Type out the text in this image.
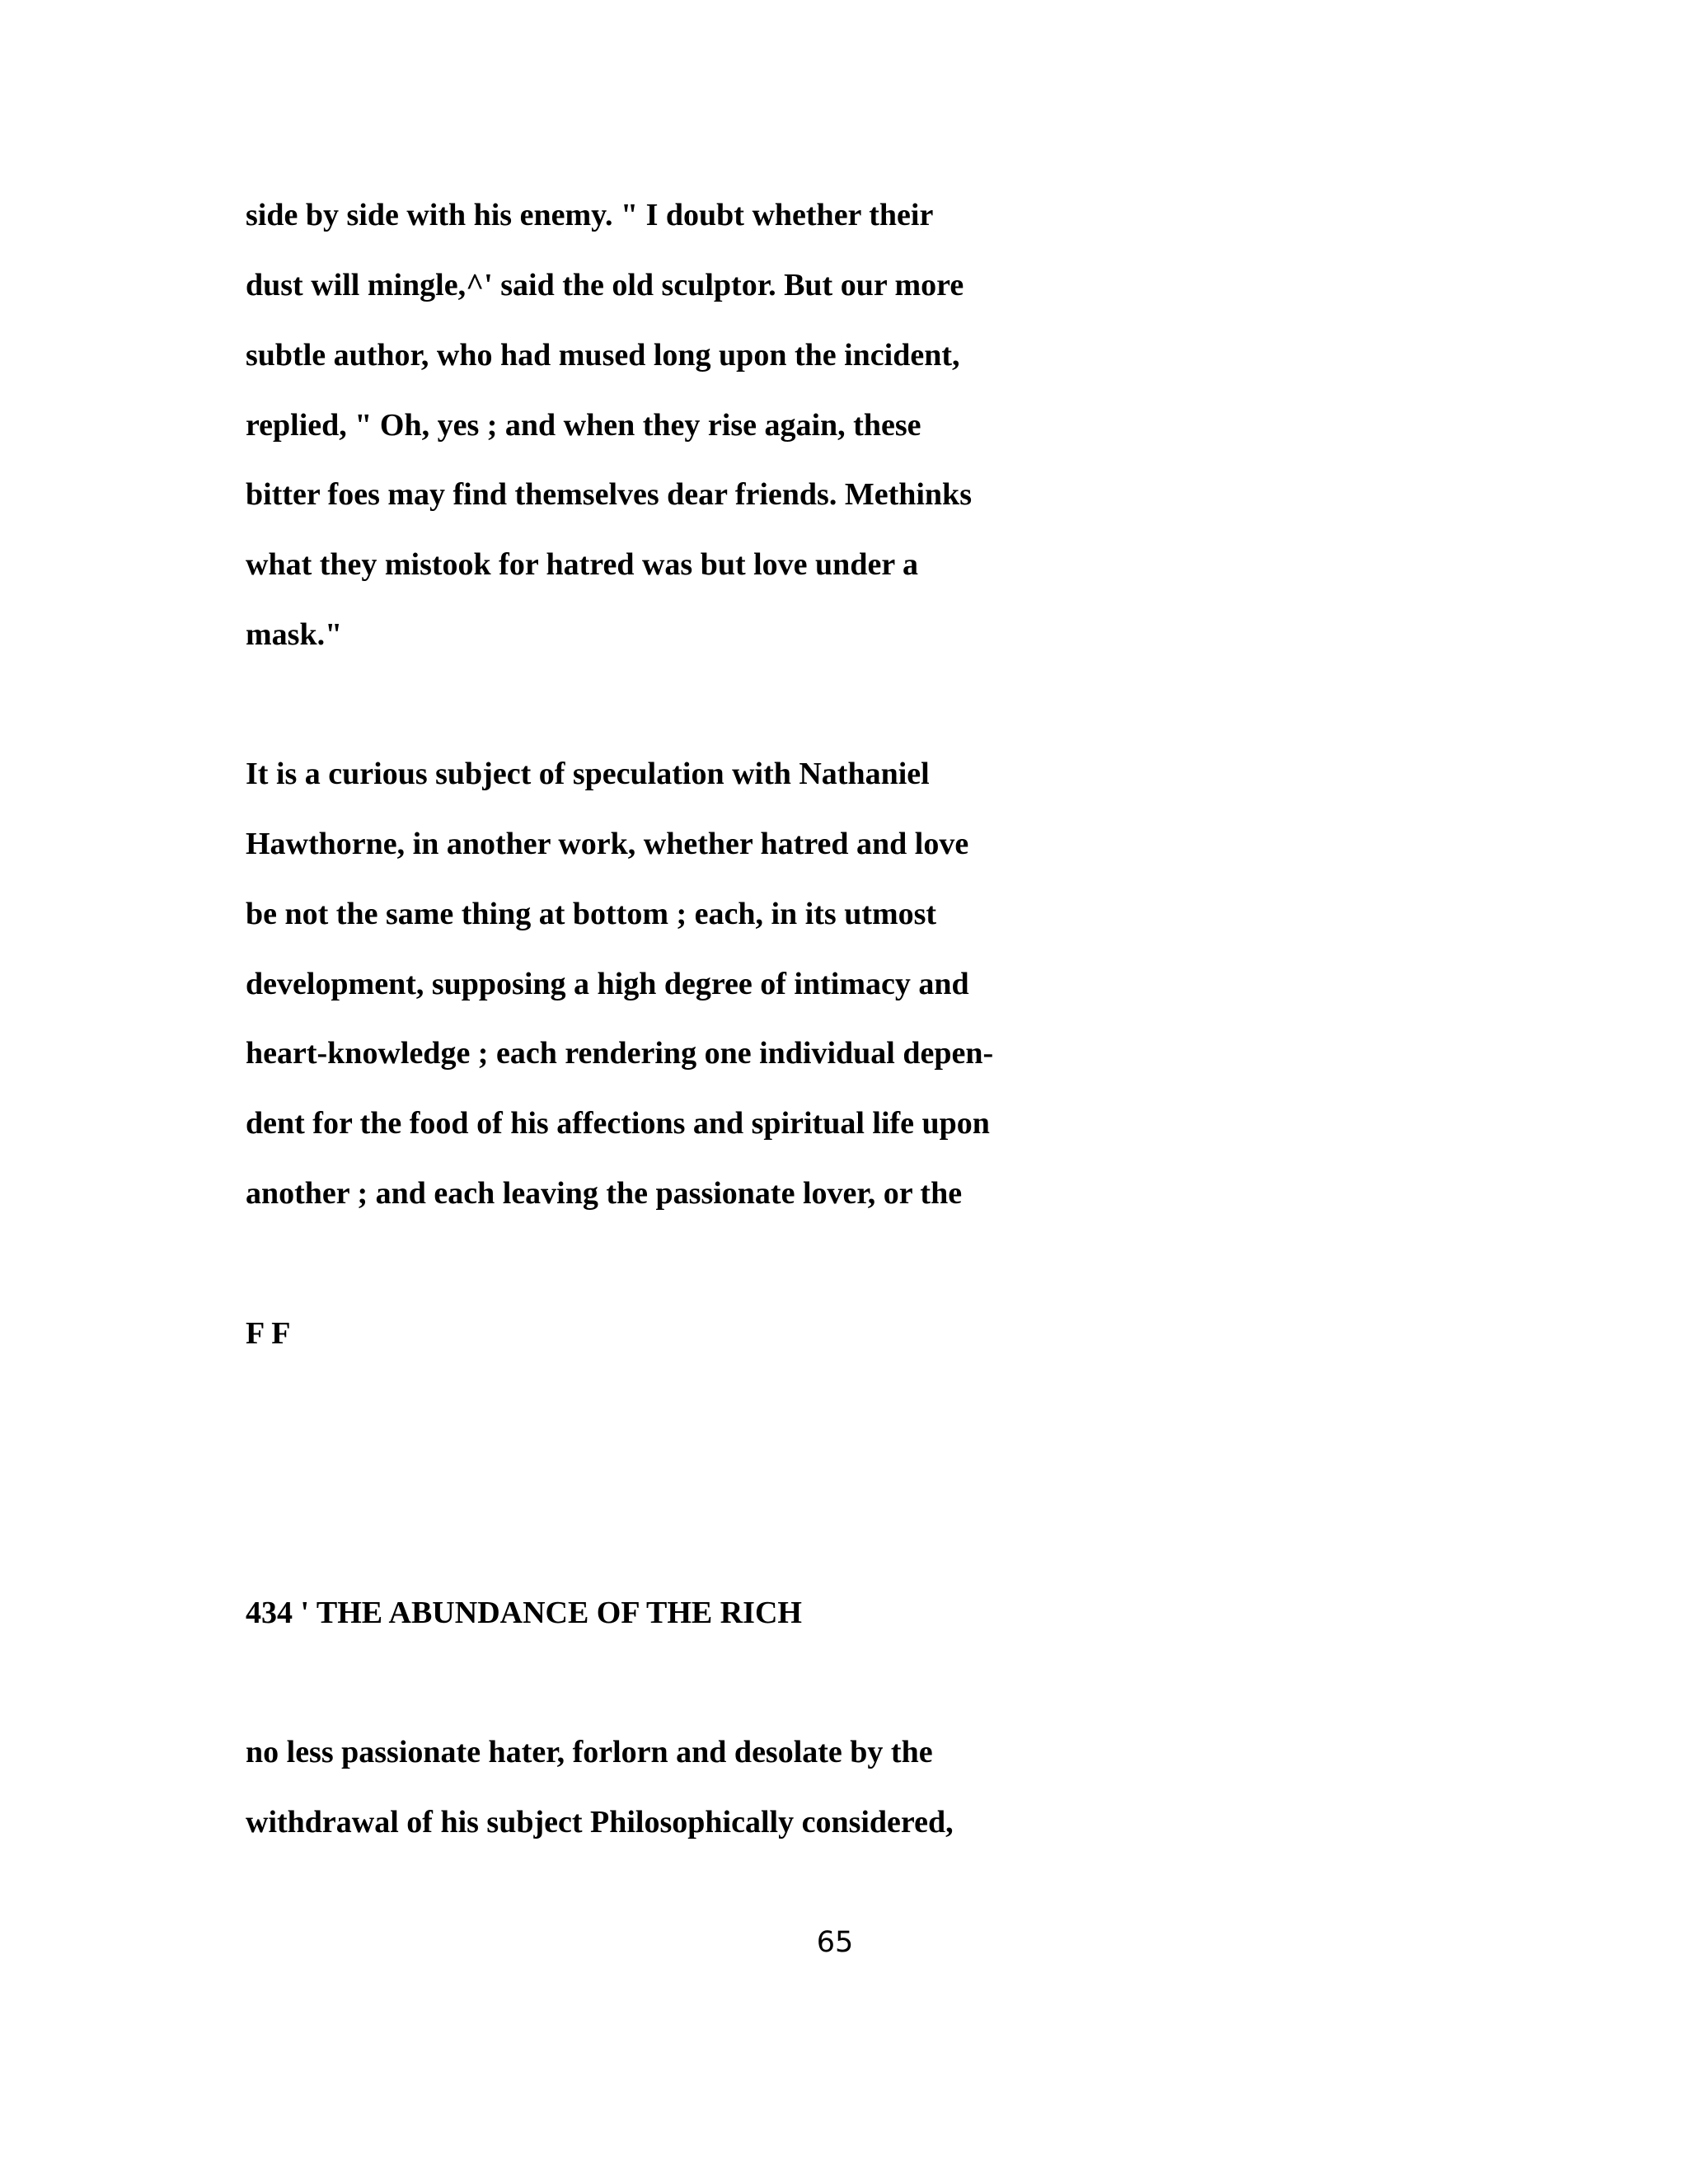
side by side with his enemy. " I doubt whether their

dust will mingle,^' said the old sculptor. But our more

subtle author, who had mused long upon the incident,

replied, " Oh, yes ; and when they rise again, these

bitter foes may find themselves dear friends. Methinks

what they mistook for hatred was but love under a

mask."

It is a curious subject of speculation with Nathaniel

Hawthorne, in another work, whether hatred and love

be not the same thing at bottom ; each, in its utmost

development, supposing a high degree of intimacy and

heart-knowledge ; each rendering one individual depen-

dent for the food of his affections and spiritual life upon

another ; and each leaving the passionate lover, or the

F F

434 ' THE ABUNDANCE OF THE RICH

no less passionate hater, forlorn and desolate by the

withdrawal of his subject Philosophically considered,

65
